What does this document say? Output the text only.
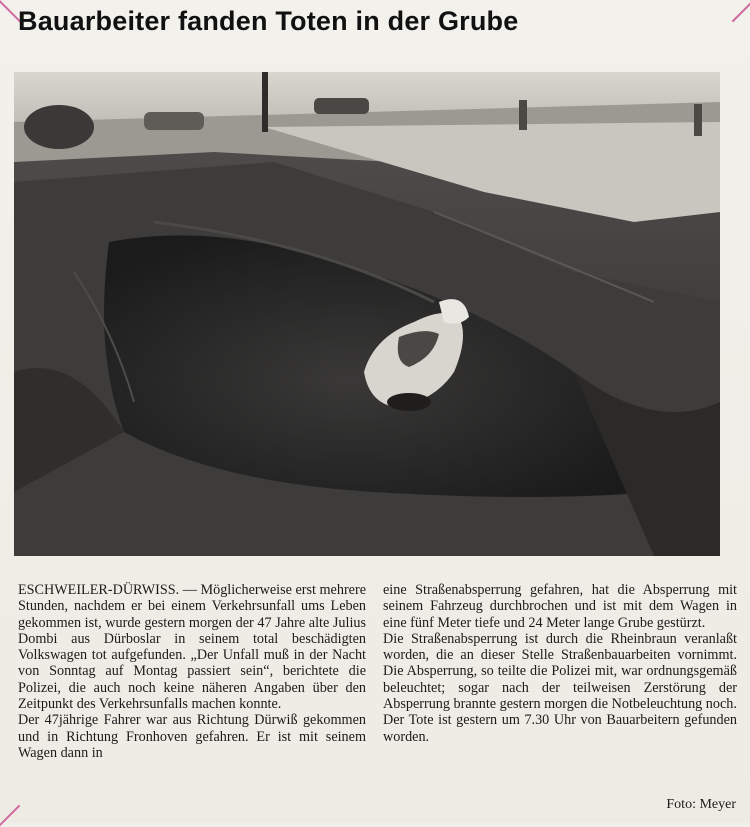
Bauarbeiter fanden Toten in der Grube

ESCHWEILER-DÜRWISS. — Möglicherweise erst mehrere Stunden, nachdem er bei einem Verkehrsunfall ums Leben gekommen ist, wurde gestern morgen der 47 Jahre alte Julius Dombi aus Dürboslar in seinem total beschädigten Volkswagen tot aufgefunden. „Der Unfall muß in der Nacht von Sonntag auf Montag passiert sein“, berichtete die Polizei, die auch noch keine näheren Angaben über den Zeitpunkt des Verkehrsunfalls machen konnte.

Der 47jährige Fahrer war aus Richtung Dürwiß gekommen und in Richtung Fronhoven gefahren. Er ist mit seinem Wagen dann in

eine Straßenabsperrung gefahren, hat die Absperrung mit seinem Fahrzeug durchbrochen und ist mit dem Wagen in eine fünf Meter tiefe und 24 Meter lange Grube gestürzt.

Die Straßenabsperrung ist durch die Rheinbraun veranlaßt worden, die an dieser Stelle Straßenbauarbeiten vornimmt. Die Absperrung, so teilte die Polizei mit, war ordnungsgemäß beleuchtet; sogar nach der teilweisen Zerstörung der Absperrung brannte gestern morgen die Notbeleuchtung noch.

Der Tote ist gestern um 7.30 Uhr von Bauarbeitern gefunden worden.

Foto: Meyer
